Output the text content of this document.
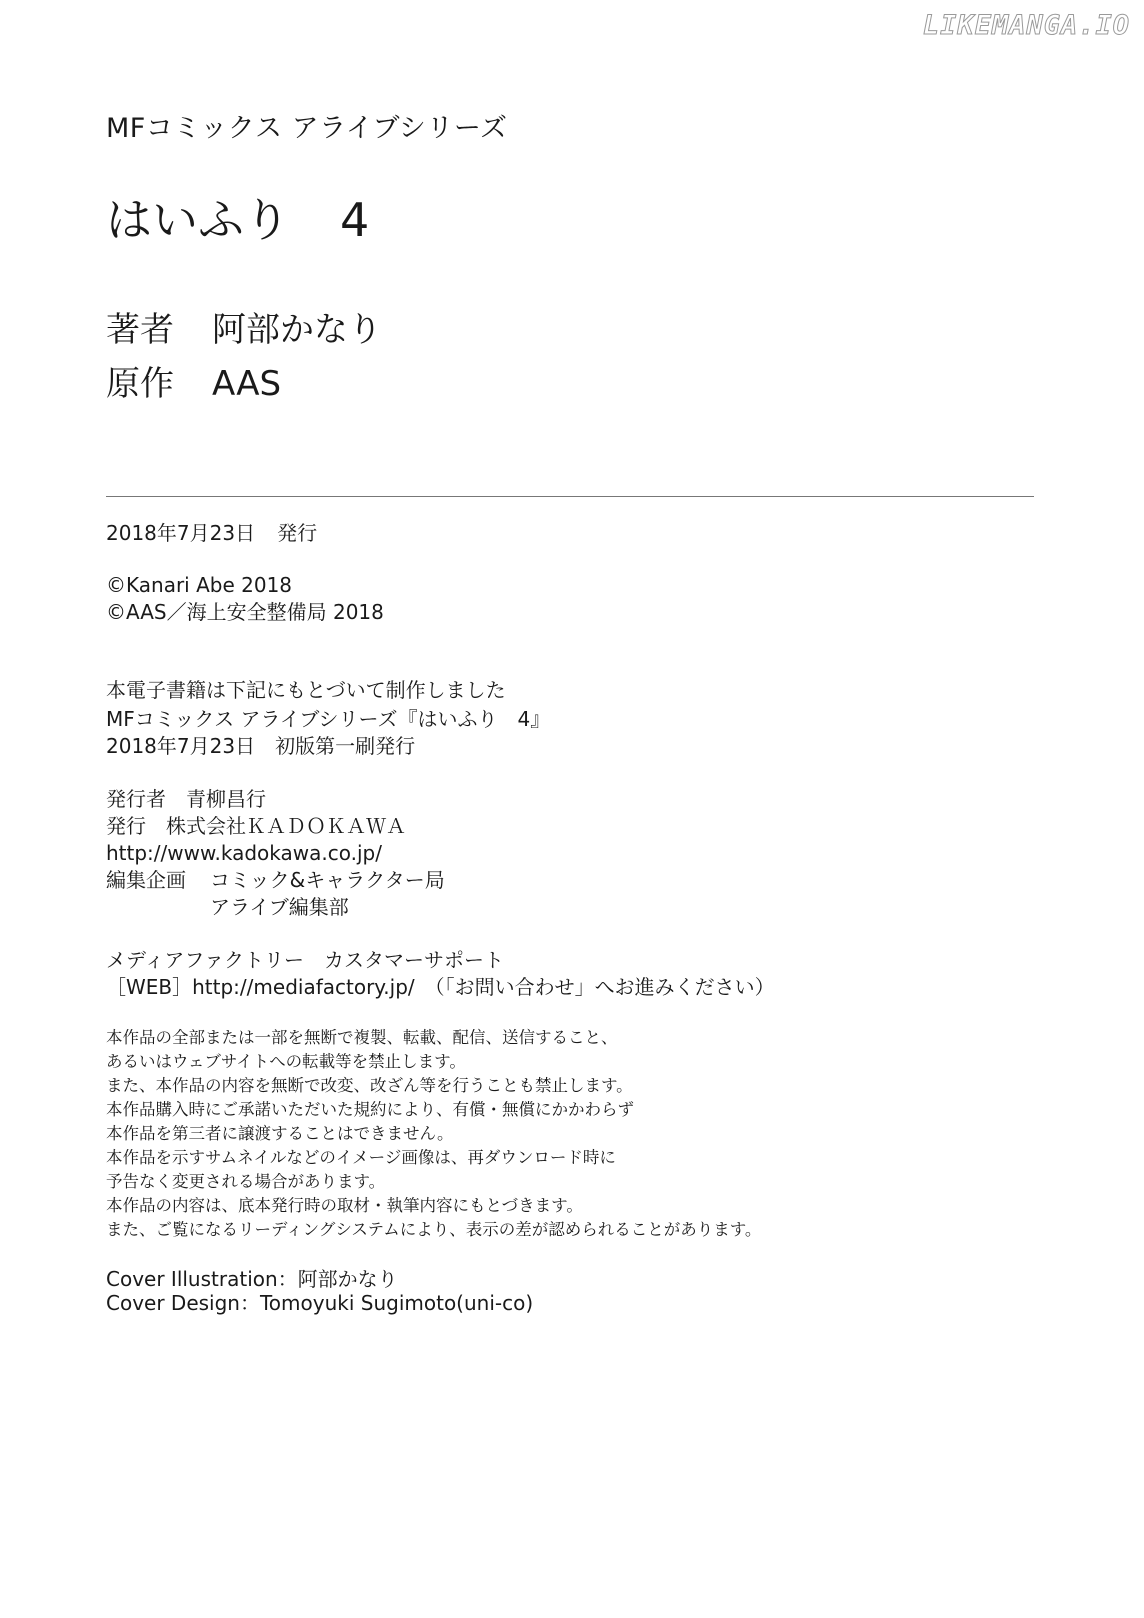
LIKEMANGA.IO
MFコミックス アライブシリーズ
はいふり 4
著者 阿部かなり
原作 AAS
2018年7月23日 発行
©Kanari Abe 2018
©AAS／海上安全整備局 2018
本電子書籍は下記にもとづいて制作しました
MFコミックス アライブシリーズ『はいふり　4』
2018年7月23日　初版第一刷発行
発行者 青柳昌行
発行 株式会社ＫＡＤＯＫＡＷＡ
http://www.kadokawa.co.jp/
編集企画 コミック&キャラクター局
アライブ編集部
メディアファクトリー　カスタマーサポート
［WEB］http://mediafactory.jp/　（「お問い合わせ」へお進みください）
本作品の全部または一部を無断で複製、転載、配信、送信すること、
あるいはウェブサイトへの転載等を禁止します。
また、本作品の内容を無断で改変、改ざん等を行うことも禁止します。
本作品購入時にご承諾いただいた規約により、有償・無償にかかわらず
本作品を第三者に譲渡することはできません。
本作品を示すサムネイルなどのイメージ画像は、再ダウンロード時に
予告なく変更される場合があります。
本作品の内容は、底本発行時の取材・執筆内容にもとづきます。
また、ご覧になるリーディングシステムにより、表示の差が認められることがあります。
Cover Illustration：阿部かなり
Cover Design：Tomoyuki Sugimoto(uni-co)
